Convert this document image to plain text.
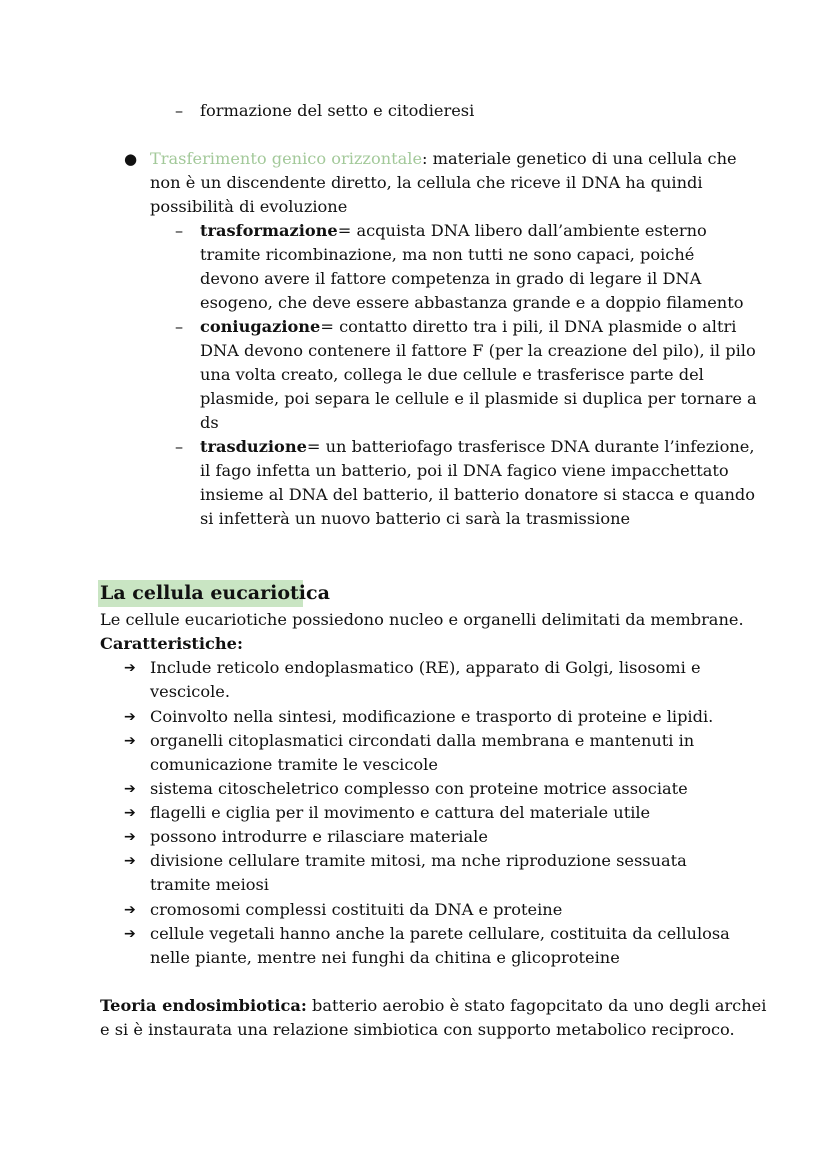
– formazione del setto e citodieresi
● Trasferimento genico orizzontale: materiale genetico di una cellula che
non è un discendente diretto, la cellula che riceve il DNA ha quindi
possibilità di evoluzione
– trasformazione= acquista DNA libero dall’ambiente esterno
tramite ricombinazione, ma non tutti ne sono capaci, poiché
devono avere il fattore competenza in grado di legare il DNA
esogeno, che deve essere abbastanza grande e a doppio filamento
– coniugazione= contatto diretto tra i pili, il DNA plasmide o altri
DNA devono contenere il fattore F (per la creazione del pilo), il pilo
una volta creato, collega le due cellule e trasferisce parte del
plasmide, poi separa le cellule e il plasmide si duplica per tornare a
ds
– trasduzione= un batteriofago trasferisce DNA durante l’infezione,
il fago infetta un batterio, poi il DNA fagico viene impacchettato
insieme al DNA del batterio, il batterio donatore si stacca e quando
si infetterà un nuovo batterio ci sarà la trasmissione
La cellula eucariotica
Le cellule eucariotiche possiedono nucleo e organelli delimitati da membrane.
Caratteristiche:
➔ Include reticolo endoplasmatico (RE), apparato di Golgi, lisosomi e
vescicole.
➔ Coinvolto nella sintesi, modificazione e trasporto di proteine e lipidi.
➔ organelli citoplasmatici circondati dalla membrana e mantenuti in
comunicazione tramite le vescicole
➔ sistema citoscheletrico complesso con proteine motrice associate
➔ flagelli e ciglia per il movimento e cattura del materiale utile
➔ possono introdurre e rilasciare materiale
➔ divisione cellulare tramite mitosi, ma nche riproduzione sessuata
tramite meiosi
➔ cromosomi complessi costituiti da DNA e proteine
➔ cellule vegetali hanno anche la parete cellulare, costituita da cellulosa
nelle piante, mentre nei funghi da chitina e glicoproteine
Teoria endosimbiotica: batterio aerobio è stato fagopcitato da uno degli archei
e si è instaurata una relazione simbiotica con supporto metabolico reciproco.
